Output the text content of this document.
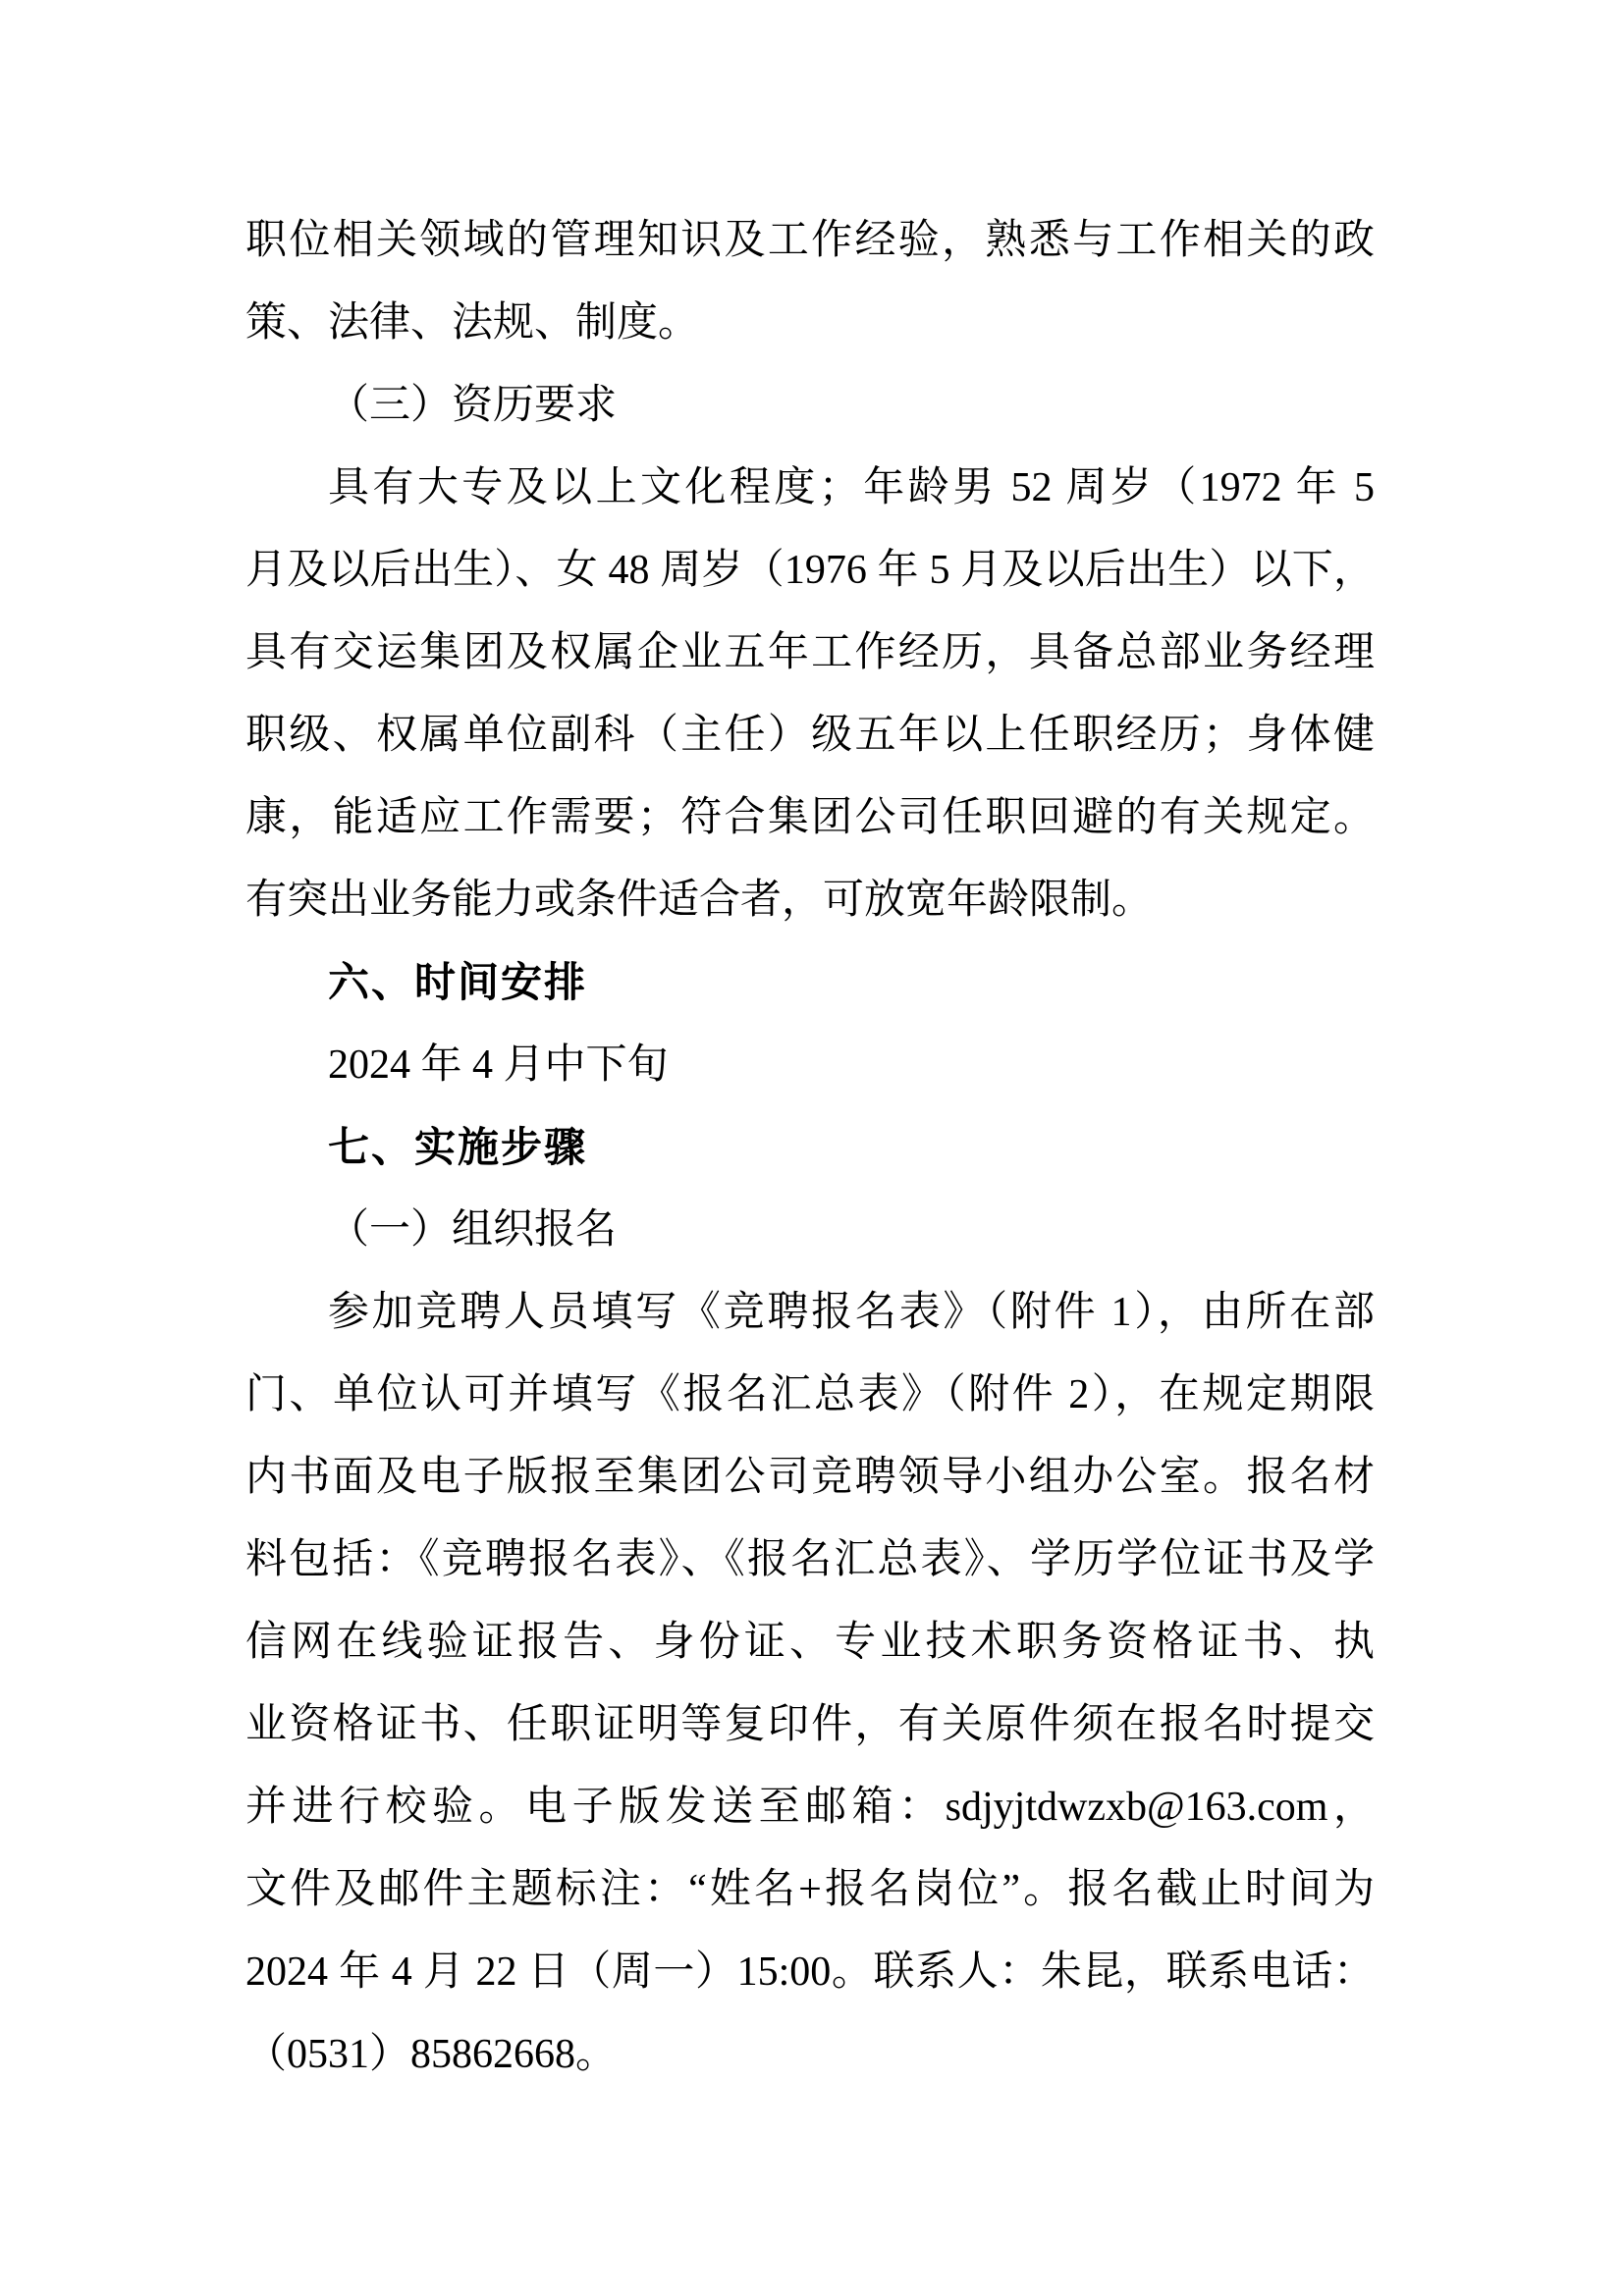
职位相关领域的管理知识及工作经验，熟悉与工作相关的政
策、法律、法规、制度。
（三）资历要求
具有大专及以上文化程度；年龄男 52 周岁（1972 年 5
月及以后出生）、女 48 周岁（1976 年 5 月及以后出生）以下，
具有交运集团及权属企业五年工作经历，具备总部业务经理
职级、权属单位副科（主任）级五年以上任职经历；身体健
康，能适应工作需要；符合集团公司任职回避的有关规定。
有突出业务能力或条件适合者，可放宽年龄限制。
六、时间安排
2024 年 4 月中下旬
七、实施步骤
（一）组织报名
参加竞聘人员填写《竞聘报名表》（附件 1），由所在部
门、单位认可并填写《报名汇总表》（附件 2），在规定期限
内书面及电子版报至集团公司竞聘领导小组办公室。报名材
料包括：《竞聘报名表》、《报名汇总表》、学历学位证书及学
信网在线验证报告、身份证、专业技术职务资格证书、执
业资格证书、任职证明等复印件，有关原件须在报名时提交
并进行校验。电子版发送至邮箱：sdjyjtdwzxb@163.com，
文件及邮件主题标注：“姓名+报名岗位”。报名截止时间为
2024 年 4 月 22 日（周一）15:00。联系人：朱昆，联系电话：
（0531）85862668。
